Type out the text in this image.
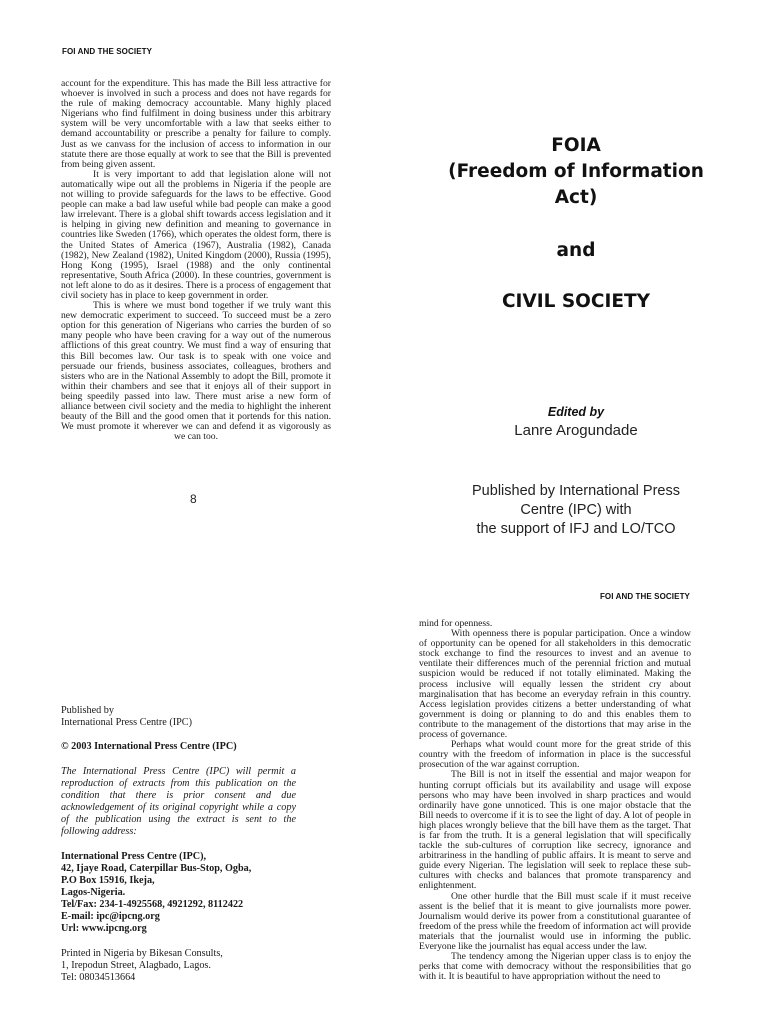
FOI AND THE SOCIETY

account for the expenditure. This has made the Bill less attractive for whoever is involved in such a process and does not have regards for the rule of making democracy accountable. Many highly placed Nigerians who find fulfilment in doing business under this arbitrary system will be very uncomfortable with a law that seeks either to demand accountability or prescribe a penalty for failure to comply. Just as we canvass for the inclusion of access to information in our statute there are those equally at work to see that the Bill is prevented from being given assent.

It is very important to add that legislation alone will not automatically wipe out all the problems in Nigeria if the people are not willing to provide safeguards for the laws to be effective. Good people can make a bad law useful while bad people can make a good law irrelevant. There is a global shift towards access legislation and it is helping in giving new definition and meaning to governance in countries like Sweden (1766), which operates the oldest form, there is the United States of America (1967), Australia (1982), Canada (1982), New Zealand (1982), United Kingdom (2000), Russia (1995), Hong Kong (1995), Israel (1988) and the only continental representative, South Africa (2000). In these countries, government is not left alone to do as it desires. There is a process of engagement that civil society has in place to keep government in order.

This is where we must bond together if we truly want this new democratic experiment to succeed. To succeed must be a zero option for this generation of Nigerians who carries the burden of so many people who have been craving for a way out of the numerous afflictions of this great country. We must find a way of ensuring that this Bill becomes law. Our task is to speak with one voice and persuade our friends, business associates, colleagues, brothers and sisters who are in the National Assembly to adopt the Bill, promote it within their chambers and see that it enjoys all of their support in being speedily passed into law. There must arise a new form of alliance between civil society and the media to highlight the inherent beauty of the Bill and the good omen that it portends for this nation. We must promote it wherever we can and defend it as vigorously as we can too.

8
FOIA
(Freedom of Information
Act)
and
CIVIL SOCIETY
Edited by
Lanre Arogundade
Published by International Press
Centre (IPC) with
the support of IFJ and LO/TCO
Published by
International Press Centre (IPC)
© 2003 International Press Centre (IPC)
The International Press Centre (IPC) will permit a reproduction of extracts from this publication on the condition that there is prior consent and due acknowledgement of its original copyright while a copy of the publication using the extract is sent to the following address:
International Press Centre (IPC),
42, Ijaye Road, Caterpillar Bus-Stop, Ogba,
P.O Box 15916, Ikeja,
Lagos-Nigeria.
Tel/Fax: 234-1-4925568, 4921292, 8112422
E-mail: ipc@ipcng.org
Url: www.ipcng.org
Printed in Nigeria by Bikesan Consults,
1, Irepodun Street, Alagbado, Lagos.
Tel: 08034513664
FOI AND THE SOCIETY

mind for openness.

With openness there is popular participation. Once a window of opportunity can be opened for all stakeholders in this democratic stock exchange to find the resources to invest and an avenue to ventilate their differences much of the perennial friction and mutual suspicion would be reduced if not totally eliminated. Making the process inclusive will equally lessen the strident cry about marginalisation that has become an everyday refrain in this country. Access legislation provides citizens a better understanding of what government is doing or planning to do and this enables them to contribute to the management of the distortions that may arise in the process of governance.

Perhaps what would count more for the great stride of this country with the freedom of information in place is the successful prosecution of the war against corruption.

The Bill is not in itself the essential and major weapon for hunting corrupt officials but its availability and usage will expose persons who may have been involved in sharp practices and would ordinarily have gone unnoticed. This is one major obstacle that the Bill needs to overcome if it is to see the light of day. A lot of people in high places wrongly believe that the bill have them as the target. That is far from the truth. It is a general legislation that will specifically tackle the sub-cultures of corruption like secrecy, ignorance and arbitrariness in the handling of public affairs. It is meant to serve and guide every Nigerian. The legislation will seek to replace these sub-cultures with checks and balances that promote transparency and enlightenment.

One other hurdle that the Bill must scale if it must receive assent is the belief that it is meant to give journalists more power. Journalism would derive its power from a constitutional guarantee of freedom of the press while the freedom of information act will provide materials that the journalist would use in informing the public. Everyone like the journalist has equal access under the law.

The tendency among the Nigerian upper class is to enjoy the perks that come with democracy without the responsibilities that go with it. It is beautiful to have appropriation without the need to
